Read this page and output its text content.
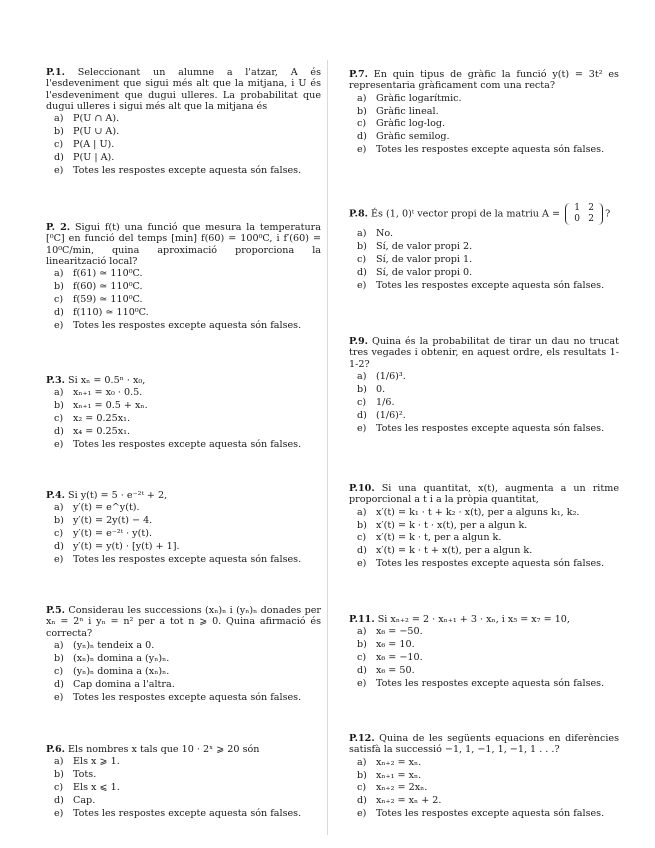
P.1. Seleccionant un alumne a l'atzar, A és l'esdeveniment que sigui més alt que la mitjana, i U és l'esdeveniment que dugui ulleres. La probabilitat que dugui ulleres i sigui més alt que la mitjana és
a) P(U ∩ A).
b) P(U ∪ A).
c)	P(A | U).
d) P(U | A).
e) Totes les respostes excepte aquesta són falses.
P. 2. Sigui f(t) una funció que mesura la temperatura [⁰C] en funció del temps [min] f(60) = 100⁰C, i f′(60) = 10⁰C/min, quina aproximació proporciona la linearització local?
a) f(61) ≃ 110⁰C.
b) f(60) ≃ 110⁰C.
c)	f(59) ≃ 110⁰C.
d) f(110) ≃ 110⁰C.
e) Totes les respostes excepte aquesta són falses.
P.3. Si xₙ = 0.5ⁿ · x₀,
a) xₙ₊₁ = x₀ · 0.5.
b) xₙ₊₁ = 0.5 + xₙ.
c)	x₂ = 0.25x₁.
d) x₄ = 0.25x₁.
e) Totes les respostes excepte aquesta són falses.
P.4. Si y(t) = 5 · e⁻²ᵗ + 2,
a) y′(t) = e^y(t).
b) y′(t) = 2y(t) − 4.
c)	y′(t) = e⁻²ᵗ · y(t).
d) y′(t) = y(t) · [y(t) + 1].
e) Totes les respostes excepte aquesta són falses.
P.5. Considerau les successions (xₙ)ₙ i (yₙ)ₙ donades per xₙ = 2ⁿ i yₙ = n² per a tot n ⩾ 0. Quina afirmació és correcta?
a) (yₙ)ₙ tendeix a 0.
b) (xₙ)ₙ domina a (yₙ)ₙ.
c)	(yₙ)ₙ domina a (xₙ)ₙ.
d) Cap domina a l'altra.
e) Totes les respostes excepte aquesta són falses.
P.6. Els nombres x tals que 10 · 2ˣ ⩾ 20 són
a) Els x ⩾ 1.
b) Tots.
c)	Els x ⩽ 1.
d) Cap.
e) Totes les respostes excepte aquesta són falses.
P.7. En quin tipus de gràfic la funció y(t) = 3t² es representaria gràficament com una recta?
a) Gràfic logarítmic.
b) Gràfic lineal.
c)	Gràfic log-log.
d) Gràfic semilog.
e) Totes les respostes excepte aquesta són falses.
P.8. És (1, 0)ᵗ vector propi de la matriu A = 1 2
0 2 ?
a) No.
b) Sí, de valor propi 2.
c)	Sí, de valor propi 1.
d) Sí, de valor propi 0.
e) Totes les respostes excepte aquesta són falses.
P.9. Quina és la probabilitat de tirar un dau no trucat tres vegades i obtenir, en aquest ordre, els resultats 1-1-2?
a) (1/6)³.
b) 0.
c)	1/6.
d) (1/6)².
e) Totes les respostes excepte aquesta són falses.
P.10. Si una quantitat, x(t), augmenta a un ritme proporcional a t i a la pròpia quantitat,
a) x′(t) = k₁ · t + k₂ · x(t), per a alguns k₁, k₂.
b) x′(t) = k · t · x(t), per a algun k.
c)	x′(t) = k · t, per a algun k.
d) x′(t) = k · t + x(t), per a algun k.
e) Totes les respostes excepte aquesta són falses.
P.11. Si xₙ₊₂ = 2 · xₙ₊₁ + 3 · xₙ, i x₅ = x₇ = 10,
a) x₆ = −50.
b) x₆ = 10.
c)	x₆ = −10.
d) x₆ = 50.
e) Totes les respostes excepte aquesta són falses.
P.12. Quina de les següents equacions en diferències satisfà la successió −1, 1, −1, 1, −1, 1 . . .?
a) xₙ₊₂ = xₙ.
b) xₙ₊₁ = xₙ.
c)	xₙ₊₂ = 2xₙ.
d) xₙ₊₂ = xₙ + 2.
e) Totes les respostes excepte aquesta són falses.
